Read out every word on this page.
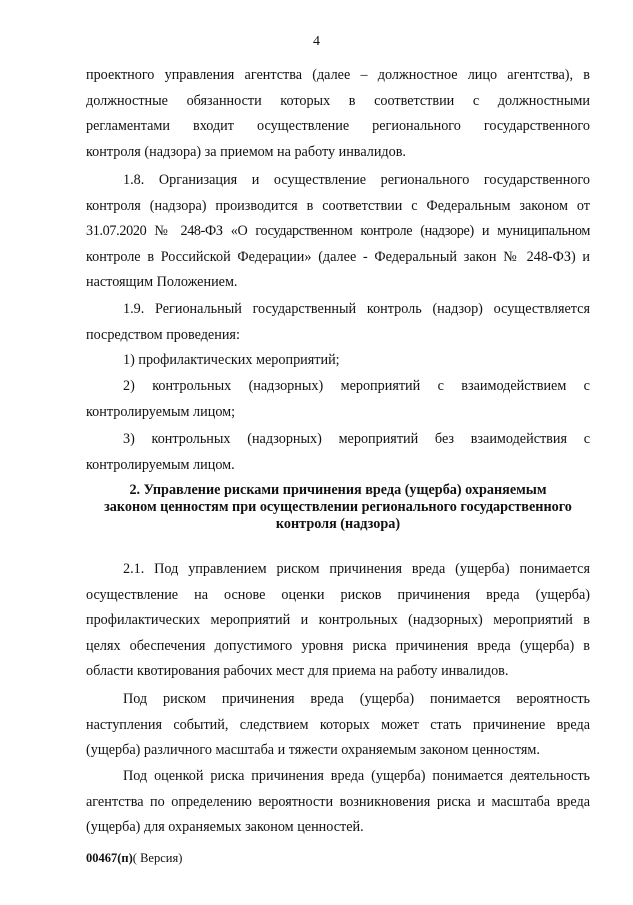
4
проектного управления агентства (далее – должностное лицо агентства), в
должностные обязанности которых в соответствии с должностными
регламентами входит осуществление регионального государственного
контроля (надзора) за приемом на работу инвалидов.
1.8. Организация и осуществление регионального государственного
контроля (надзора) производится в соответствии с Федеральным законом от
31.07.2020 № 248-ФЗ «О государственном контроле (надзоре) и муниципальном
контроле в Российской Федерации» (далее - Федеральный закон № 248-ФЗ) и
настоящим Положением.
1.9. Региональный государственный контроль (надзор) осуществляется
посредством проведения:
1) профилактических мероприятий;
2) контрольных (надзорных) мероприятий с взаимодействием с
контролируемым лицом;
3) контрольных (надзорных) мероприятий без взаимодействия с
контролируемым лицом.
2. Управление рисками причинения вреда (ущерба) охраняемым
законом ценностям при осуществлении регионального государственного
контроля (надзора)
2.1. Под управлением риском причинения вреда (ущерба) понимается
осуществление на основе оценки рисков причинения вреда (ущерба)
профилактических мероприятий и контрольных (надзорных) мероприятий в
целях обеспечения допустимого уровня риска причинения вреда (ущерба) в
области квотирования рабочих мест для приема на работу инвалидов.
Под риском причинения вреда (ущерба) понимается вероятность
наступления событий, следствием которых может стать причинение вреда
(ущерба) различного масштаба и тяжести охраняемым законом ценностям.
Под оценкой риска причинения вреда (ущерба) понимается деятельность
агентства по определению вероятности возникновения риска и масштаба вреда
(ущерба) для охраняемых законом ценностей.
00467(п)( Версия)
